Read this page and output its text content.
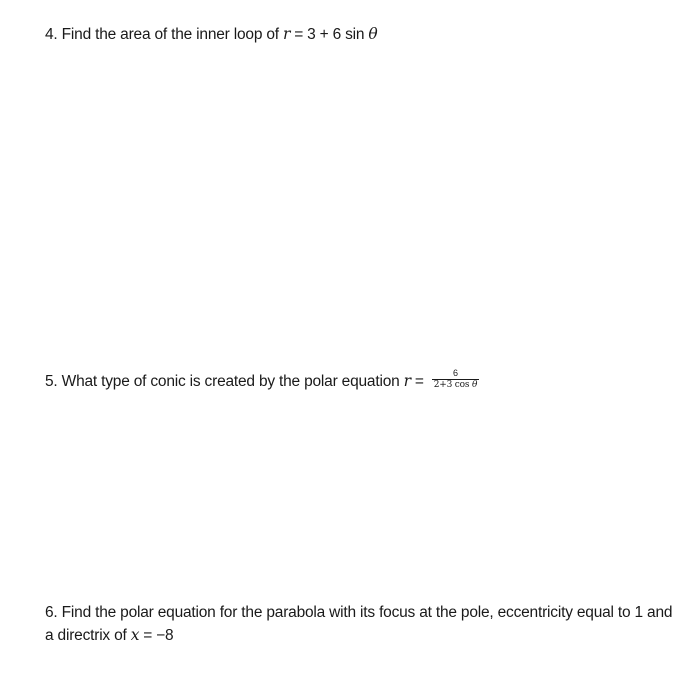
4. Find the area of the inner loop of r = 3 + 6 sin θ
5. What type of conic is created by the polar equation $r = \frac{6}{\text{2+3 cos θ}}$
6. Find the polar equation for the parabola with its focus at the pole, eccentricity equal to 1 and a directrix of x = −8
